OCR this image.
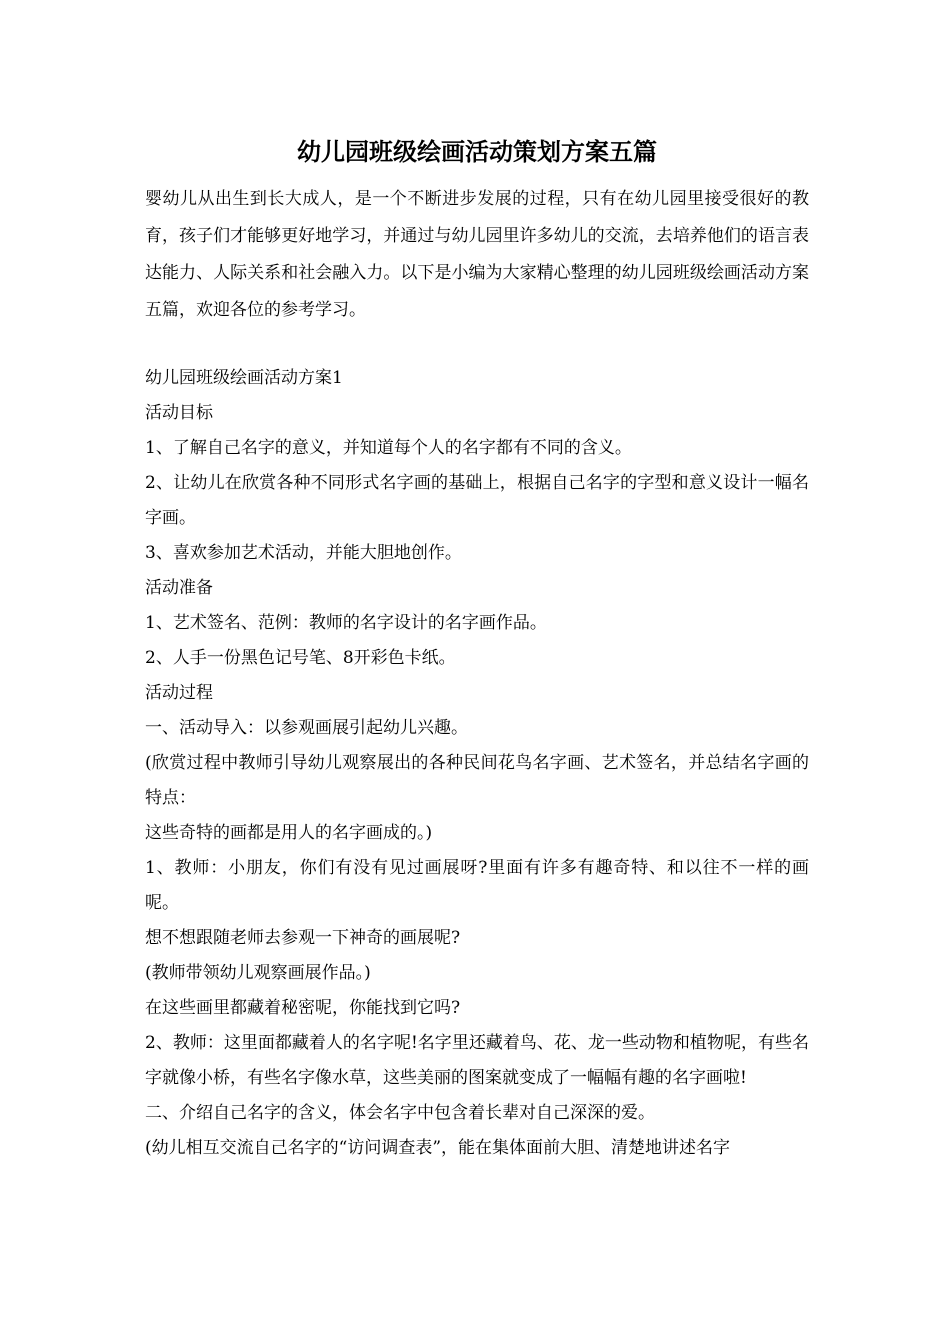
幼儿园班级绘画活动策划方案五篇

婴幼儿从出生到长大成人，是一个不断进步发展的过程，只有在幼儿园里接受很好的教育，孩子们才能够更好地学习，并通过与幼儿园里许多幼儿的交流，去培养他们的语言表达能力、人际关系和社会融入力。以下是小编为大家精心整理的幼儿园班级绘画活动方案五篇，欢迎各位的参考学习。

幼儿园班级绘画活动方案1

活动目标

1、了解自己名字的意义，并知道每个人的名字都有不同的含义。

2、让幼儿在欣赏各种不同形式名字画的基础上，根据自己名字的字型和意义设计一幅名字画。

3、喜欢参加艺术活动，并能大胆地创作。

活动准备

1、艺术签名、范例：教师的名字设计的名字画作品。

2、人手一份黑色记号笔、8开彩色卡纸。

活动过程

一、活动导入：以参观画展引起幼儿兴趣。

(欣赏过程中教师引导幼儿观察展出的各种民间花鸟名字画、艺术签名，并总结名字画的特点：

这些奇特的画都是用人的名字画成的。)

1、教师：小朋友，你们有没有见过画展呀?里面有许多有趣奇特、和以往不一样的画呢。

想不想跟随老师去参观一下神奇的画展呢?

(教师带领幼儿观察画展作品。)

在这些画里都藏着秘密呢，你能找到它吗?

2、教师：这里面都藏着人的名字呢!名字里还藏着鸟、花、龙一些动物和植物呢，有些名字就像小桥，有些名字像水草，这些美丽的图案就变成了一幅幅有趣的名字画啦!

二、介绍自己名字的含义，体会名字中包含着长辈对自己深深的爱。

(幼儿相互交流自己名字的“访问调查表”，能在集体面前大胆、清楚地讲述名字
